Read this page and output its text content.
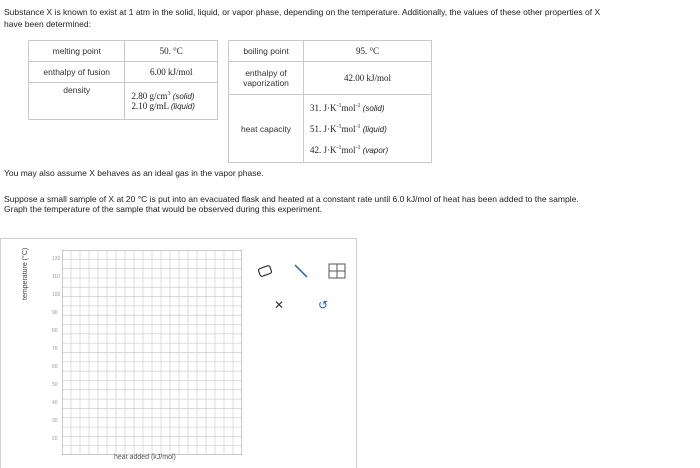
Substance X is known to exist at 1 atm in the solid, liquid, or vapor phase, depending on the temperature. Additionally, the values of these other properties of X
have been determined:
melting point	50. °C
enthalpy of fusion	6.00 kJ/mol
density	2.80 $g/cm^3$ (solid)
2.10 g/mL (liquid)
boiling point	95. °C
enthalpy of vaporization	42.00 kJ/mol
heat capacity	31. $J\cdot K^{-1}mol^{-1}$ (solid)
51. $J\cdot K^{-1}mol^{-1}$ (liquid)
42. $J\cdot K^{-1}mol^{-1}$ (vapor)
You may also assume X behaves as an ideal gas in the vapor phase.
Suppose a small sample of X at 20 °C is put into an evacuated flask and heated at a constant rate until 6.0 kJ/mol of heat has been added to the sample.
Graph the temperature of the sample that would be observed during this experiment.
120
110
100
90
80
70
60
50
40
30
20
temperature (°C)
heat added (kJ/mol)
✕	↺
